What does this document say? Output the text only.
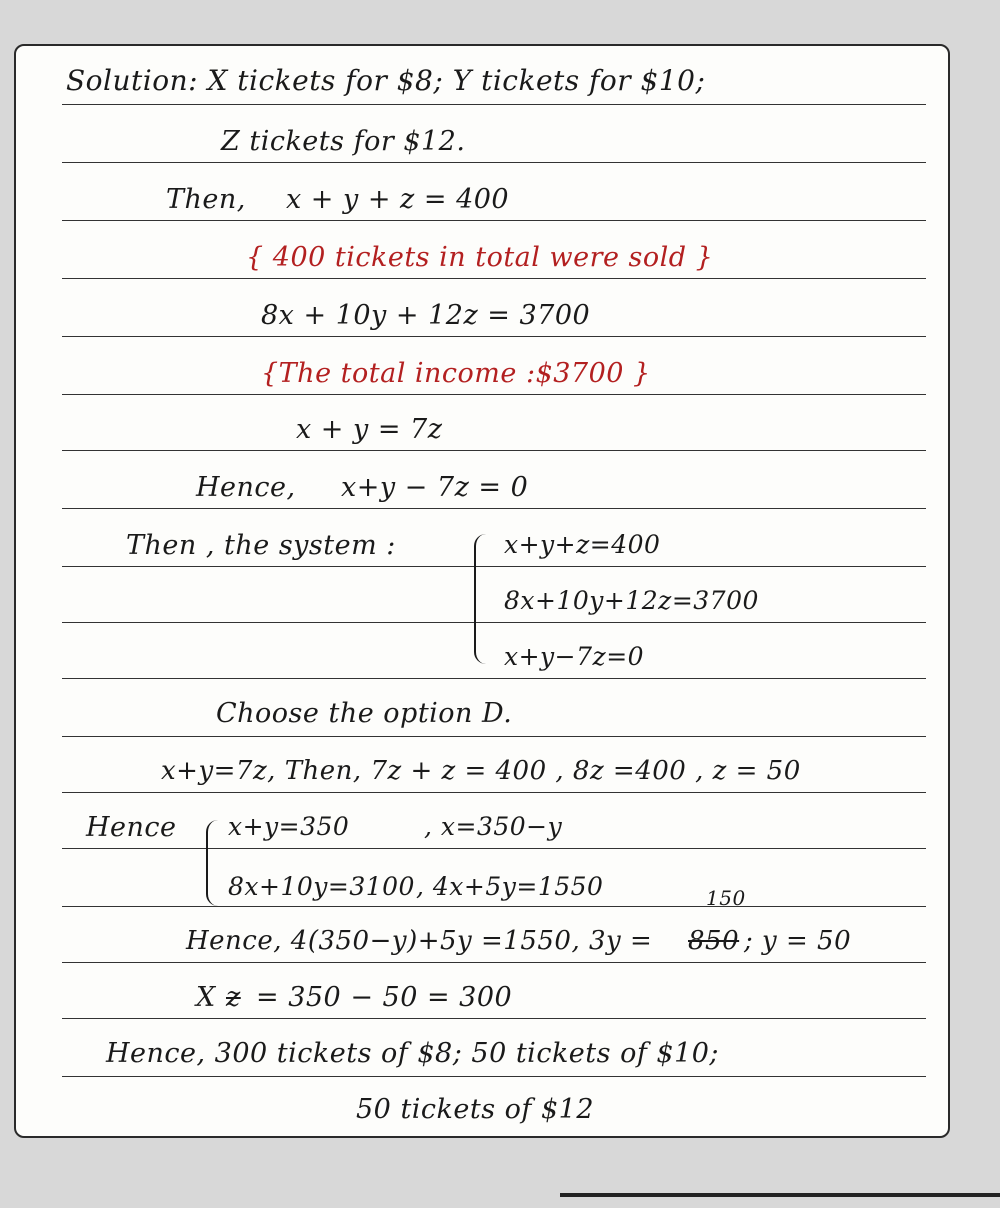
Solution: X tickets for $8; Y tickets for $10;
Z tickets for $12.
Then, x + y + z = 400
{ 400 tickets in total were sold }
8x + 10y + 12z = 3700
{The total income :$3700 }
x + y = 7z
Hence, x+y − 7z = 0
Then , the system :	x+y+z=400
8x+10y+12z=3700
x+y−7z=0
Choose the option D.
x+y=7z, Then, 7z + z = 400 , 8z =400 , z = 50
Hence x+y=350	, x=350−y
8x+10y=3100 , 4x+5y=1550	150
Hence, 4(350−y)+5y =1550, 3y = 850 ; y = 50
X z = 350 − 50 = 300
Hence, 300 tickets of $8; 50 tickets of $10;
50 tickets of $12
